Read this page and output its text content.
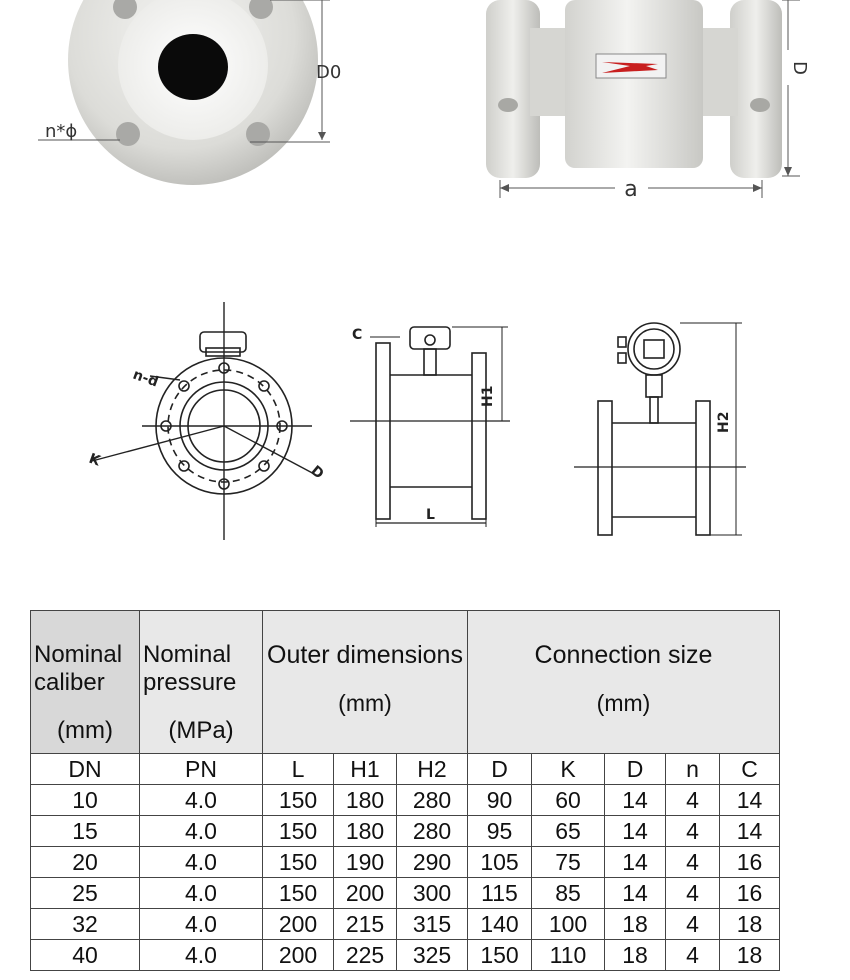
D0
n*ϕ
a
D
n-d
K
D
C
L
H1
H2
Nominal
caliber
(mm)	Nominal
pressure
(MPa)	Outer dimensions
(mm)			Connection size
(mm)				

DN	PN	L	H1	H2	D	K	D	n	C
10	4.0	150	180	280	90	60	14	4	14
15	4.0	150	180	280	95	65	14	4	14
20	4.0	150	190	290	105	75	14	4	16
25	4.0	150	200	300	115	85	14	4	16
32	4.0	200	215	315	140	100	18	4	18
40	4.0	200	225	325	150	110	18	4	18
